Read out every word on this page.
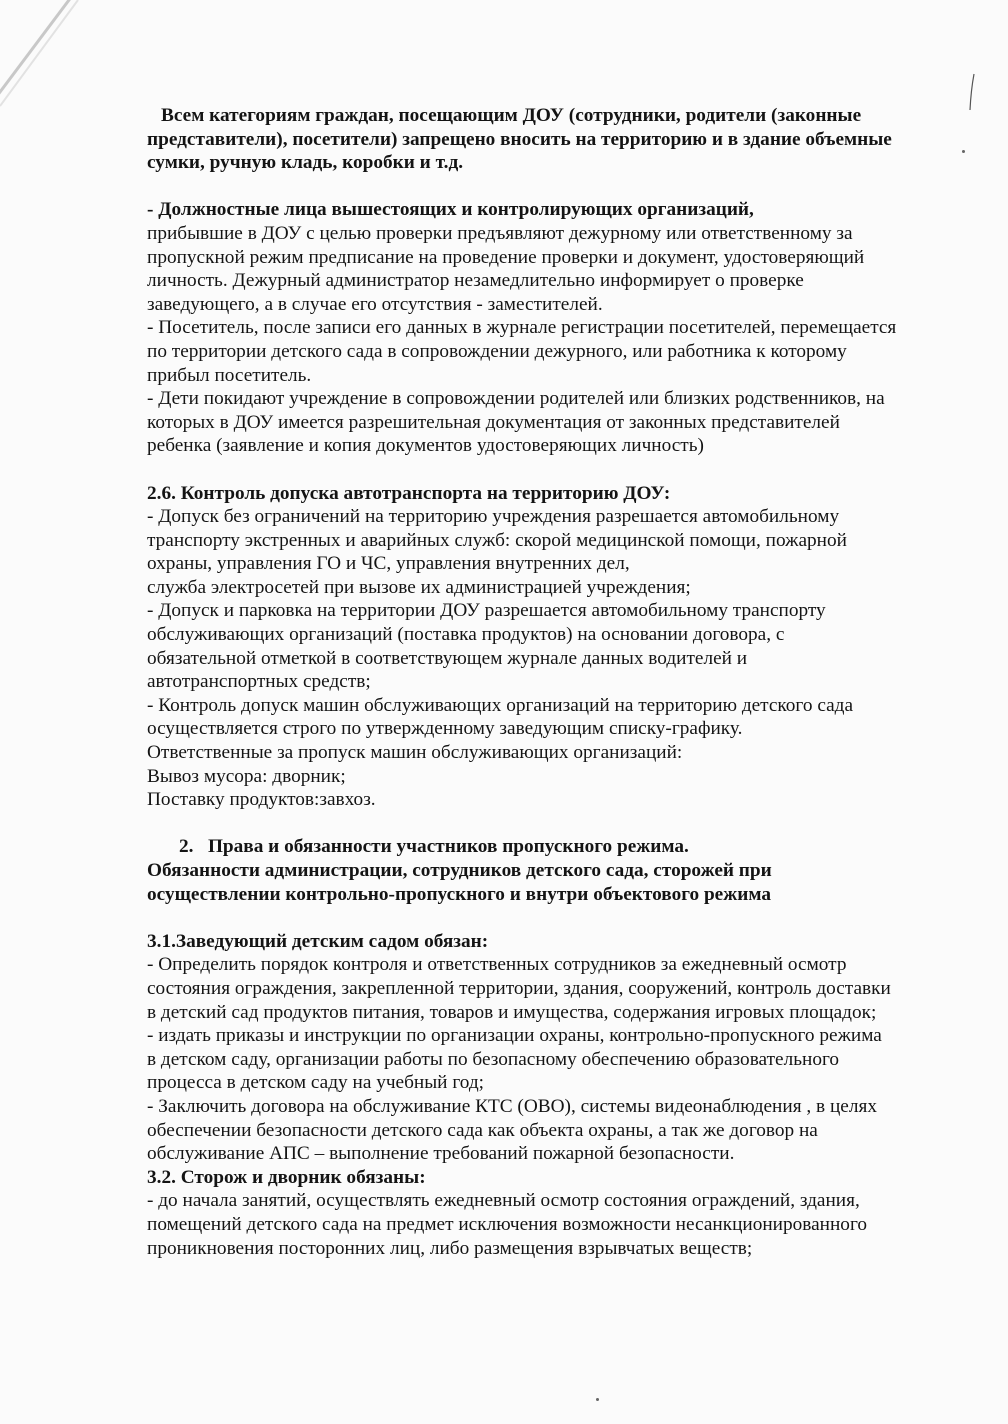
Всем категориям граждан, посещающим ДОУ (сотрудники, родители (законные
представители), посетители) запрещено вносить на территорию и в здание объемные
сумки, ручную кладь, коробки и т.д.
- Должностные лица вышестоящих и контролирующих организаций,
прибывшие в ДОУ с целью проверки предъявляют дежурному или ответственному за
пропускной режим предписание на проведение проверки и документ, удостоверяющий
личность. Дежурный администратор незамедлительно информирует о проверке
заведующего, а в случае его отсутствия - заместителей.
- Посетитель, после записи его данных в журнале регистрации посетителей, перемещается
по территории детского сада в сопровождении дежурного, или работника к которому
прибыл посетитель.
- Дети покидают учреждение в сопровождении родителей или близких родственников, на
которых в ДОУ имеется разрешительная документация от законных представителей
ребенка (заявление и копия документов удостоверяющих личность)
2.6. Контроль допуска автотранспорта на территорию ДОУ:
- Допуск без ограничений на территорию учреждения разрешается автомобильному
транспорту экстренных и аварийных служб: скорой медицинской помощи, пожарной
охраны, управления ГО и ЧС, управления внутренних дел,
служба электросетей при вызове их администрацией учреждения;
- Допуск и парковка на территории ДОУ разрешается автомобильному транспорту
обслуживающих организаций (поставка продуктов) на основании договора, с
обязательной отметкой в соответствующем журнале данных водителей и
автотранспортных средств;
- Контроль допуск машин обслуживающих организаций на территорию детского сада
осуществляется строго по утвержденному заведующим списку-графику.
Ответственные за пропуск машин обслуживающих организаций:
Вывоз мусора: дворник;
Поставку продуктов:завхоз.
2. Права и обязанности участников пропускного режима.
Обязанности администрации, сотрудников детского сада, сторожей при
осуществлении контрольно-пропускного и внутри объектового режима
3.1.Заведующий детским садом обязан:
- Определить порядок контроля и ответственных сотрудников за ежедневный осмотр
состояния ограждения, закрепленной территории, здания, сооружений, контроль доставки
в детский сад продуктов питания, товаров и имущества, содержания игровых площадок;
- издать приказы и инструкции по организации охраны, контрольно-пропускного режима
в детском саду, организации работы по безопасному обеспечению образовательного
процесса в детском саду на учебный год;
- Заключить договора на обслуживание КТС (ОВО), системы видеонаблюдения , в целях
обеспечении безопасности детского сада как объекта охраны, а так же договор на
обслуживание АПС – выполнение требований пожарной безопасности.
3.2. Сторож и дворник обязаны:
- до начала занятий, осуществлять ежедневный осмотр состояния ограждений, здания,
помещений детского сада на предмет исключения возможности несанкционированного
проникновения посторонних лиц, либо размещения взрывчатых веществ;
